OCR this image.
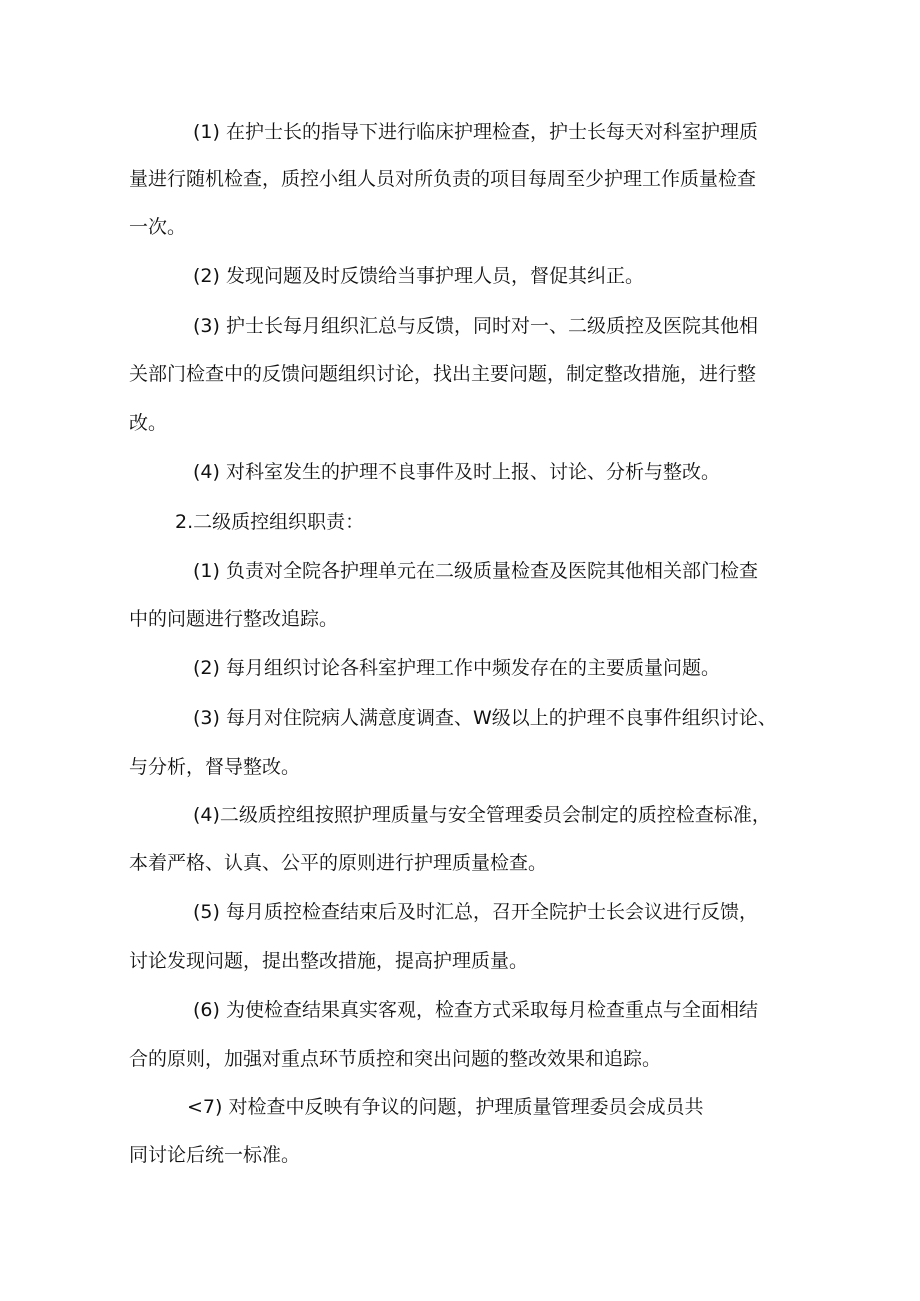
(1) 在护士长的指导下进行临床护理检查，护士长每天对科室护理质

量进行随机检查，质控小组人员对所负责的项目每周至少护理工作质量检查

一次。

(2) 发现问题及时反馈给当事护理人员，督促其纠正。

(3) 护士长每月组织汇总与反馈，同时对一、二级质控及医院其他相

关部门检查中的反馈问题组织讨论，找出主要问题，制定整改措施，进行整

改。

(4) 对科室发生的护理不良事件及时上报、讨论、分析与整改。

2.二级质控组织职责：

(1) 负责对全院各护理单元在二级质量检查及医院其他相关部门检查

中的问题进行整改追踪。

(2) 每月组织讨论各科室护理工作中频发存在的主要质量问题。

(3) 每月对住院病人满意度调查、W级以上的护理不良事件组织讨论、

与分析，督导整改。

(4)二级质控组按照护理质量与安全管理委员会制定的质控检查标准，

本着严格、认真、公平的原则进行护理质量检查。

(5) 每月质控检查结束后及时汇总，召开全院护士长会议进行反馈，

讨论发现问题，提出整改措施，提高护理质量。

(6) 为使检查结果真实客观，检查方式采取每月检查重点与全面相结

合的原则，加强对重点环节质控和突出问题的整改效果和追踪。

<7) 对检查中反映有争议的问题，护理质量管理委员会成员共

同讨论后统一标准。
